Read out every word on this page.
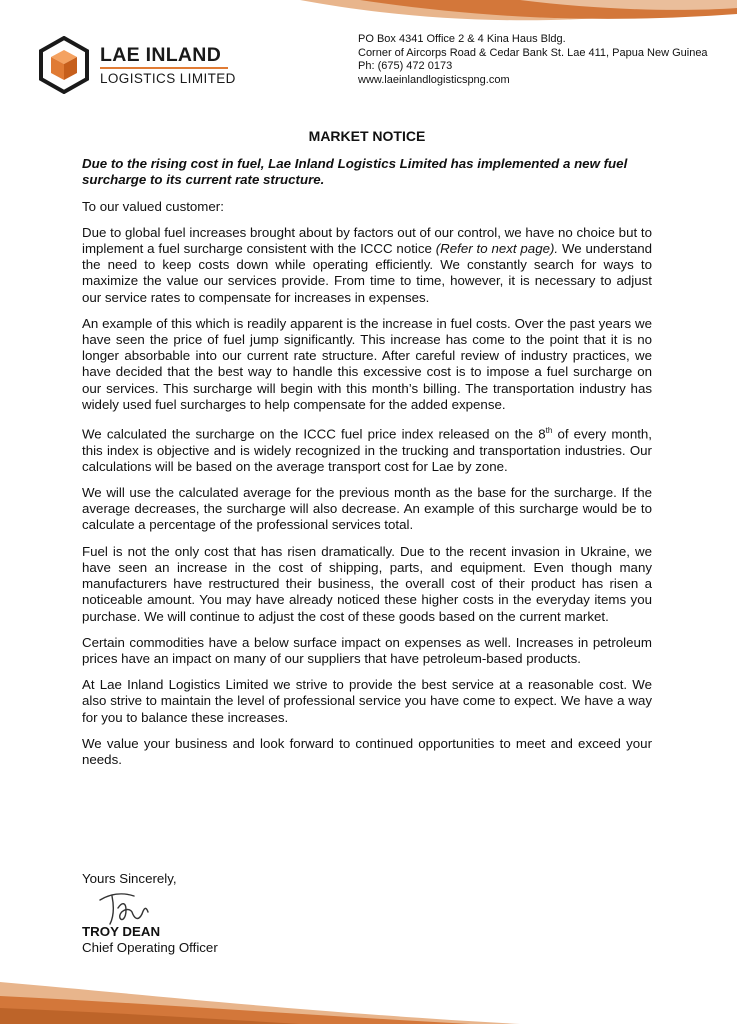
LAE INLAND
LOGISTICS LIMITED
PO Box 4341 Office 2 & 4 Kina Haus Bldg.
Corner of Aircorps Road & Cedar Bank St. Lae 411, Papua New Guinea
Ph: (675) 472 0173
www.laeinlandlogisticspng.com
MARKET NOTICE
Due to the rising cost in fuel, Lae Inland Logistics Limited has implemented a new fuel surcharge to its current rate structure.

To our valued customer:

Due to global fuel increases brought about by factors out of our control, we have no choice but to implement a fuel surcharge consistent with the ICCC notice (Refer to next page). We understand the need to keep costs down while operating efficiently. We constantly search for ways to maximize the value our services provide. From time to time, however, it is necessary to adjust our service rates to compensate for increases in expenses.

An example of this which is readily apparent is the increase in fuel costs. Over the past years we have seen the price of fuel jump significantly. This increase has come to the point that it is no longer absorbable into our current rate structure. After careful review of industry practices, we have decided that the best way to handle this excessive cost is to impose a fuel surcharge on our services. This surcharge will begin with this month’s billing. The transportation industry has widely used fuel surcharges to help compensate for the added expense.

We calculated the surcharge on the ICCC fuel price index released on the 8th of every month, this index is objective and is widely recognized in the trucking and transportation industries. Our calculations will be based on the average transport cost for Lae by zone.

We will use the calculated average for the previous month as the base for the surcharge. If the average decreases, the surcharge will also decrease. An example of this surcharge would be to calculate a percentage of the professional services total.

Fuel is not the only cost that has risen dramatically. Due to the recent invasion in Ukraine, we have seen an increase in the cost of shipping, parts, and equipment. Even though many manufacturers have restructured their business, the overall cost of their product has risen a noticeable amount. You may have already noticed these higher costs in the everyday items you purchase. We will continue to adjust the cost of these goods based on the current market.

Certain commodities have a below surface impact on expenses as well. Increases in petroleum prices have an impact on many of our suppliers that have petroleum-based products.

At Lae Inland Logistics Limited we strive to provide the best service at a reasonable cost. We also strive to maintain the level of professional service you have come to expect. We have a way for you to balance these increases.

We value your business and look forward to continued opportunities to meet and exceed your needs.

Yours Sincerely,
TROY DEAN
Chief Operating Officer
